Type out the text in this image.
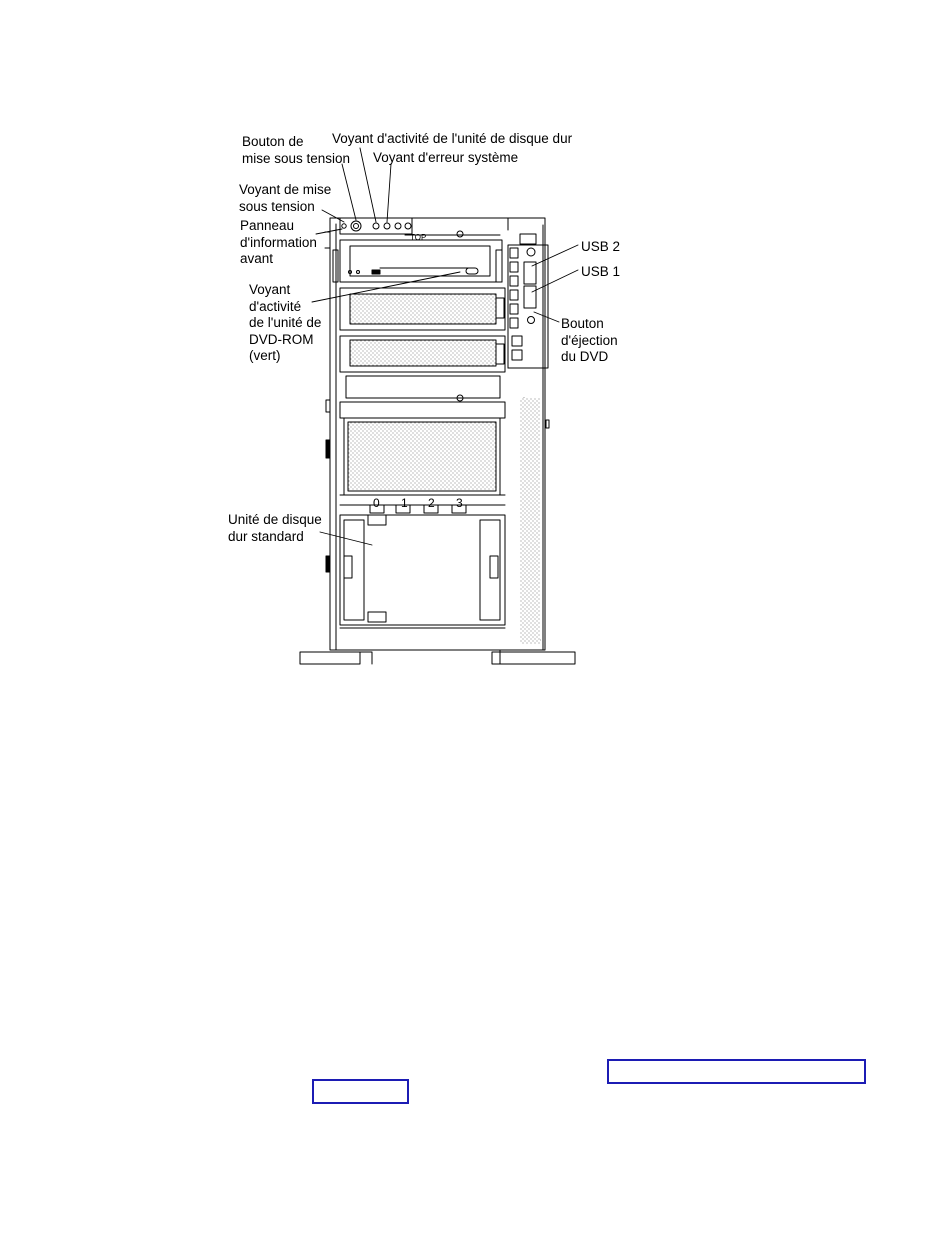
TOP
0 1 2 3
Bouton de
mise sous tension
Voyant d'activité de l'unité de disque dur
Voyant d'erreur système
Voyant de mise
sous tension
Panneau
d'information
avant
USB 2
USB 1
Voyant
d'activité
de l'unité de
DVD-ROM
(vert)
Bouton
d'éjection
du DVD
Unité de disque
dur standard
